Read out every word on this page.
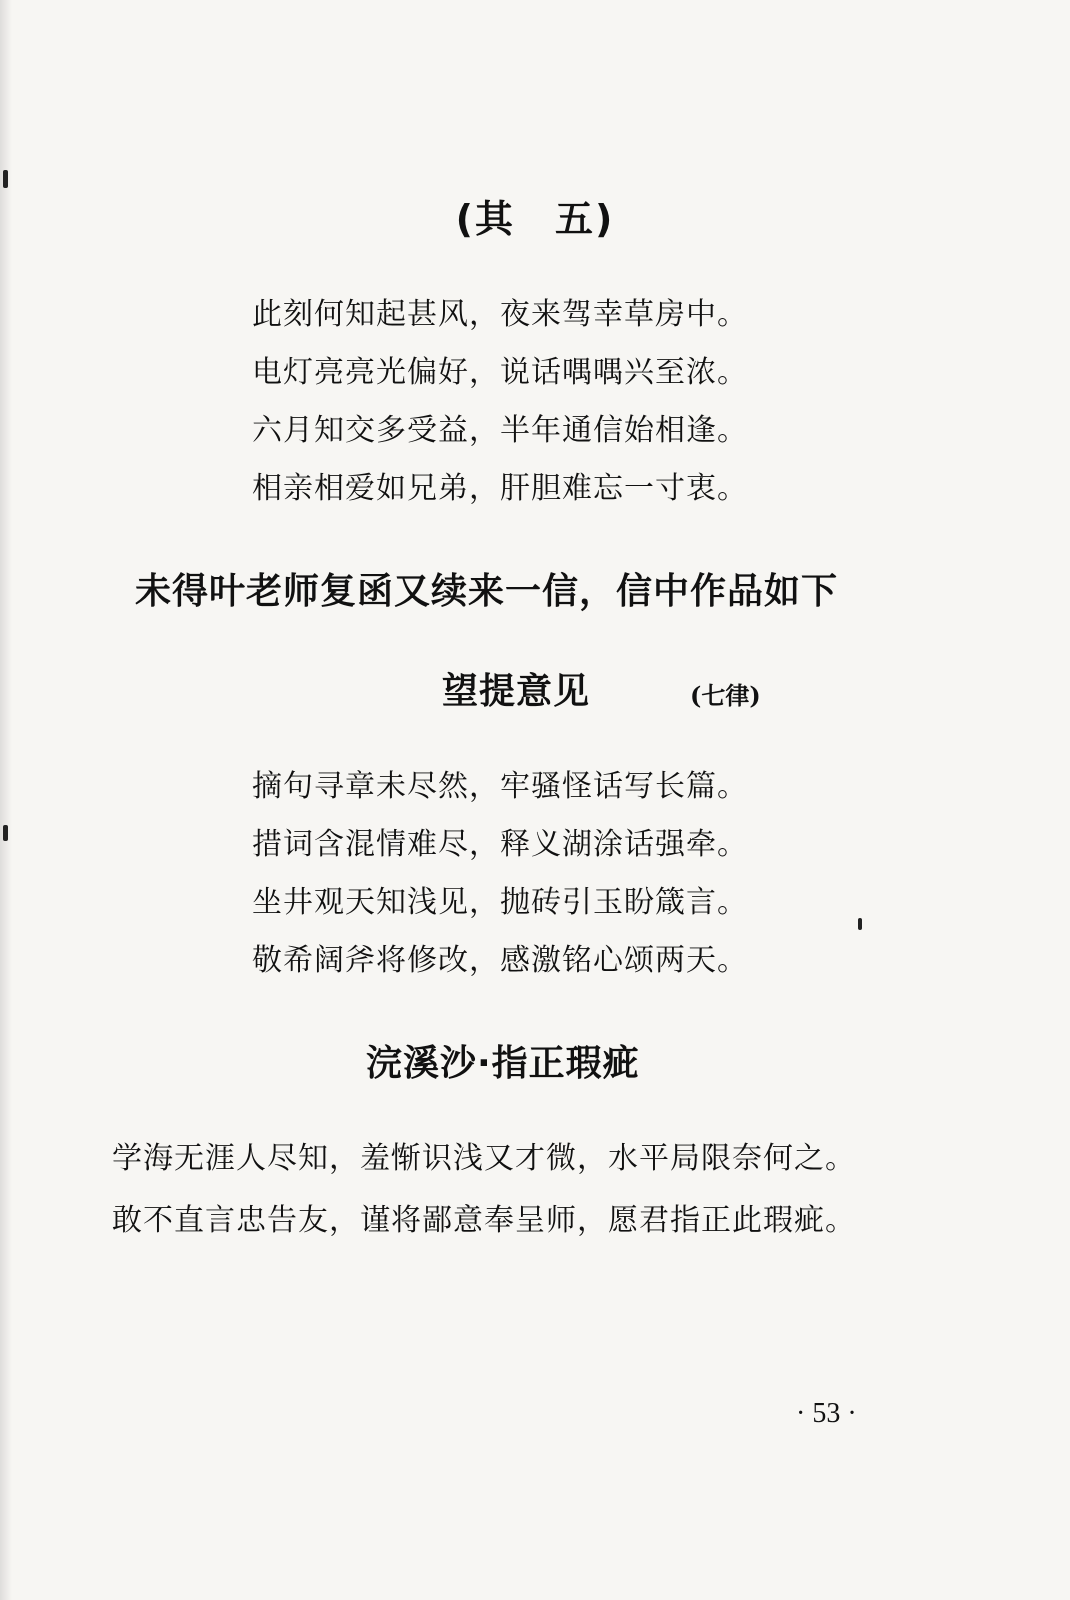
(其　五)
此刻何知起甚风，夜来驾幸草房中。
电灯亮亮光偏好，说话喁喁兴至浓。
六月知交多受益，半年通信始相逢。
相亲相爱如兄弟，肝胆难忘一寸衷。
未得叶老师复函又续来一信，信中作品如下
望提意见	(七律)
摘句寻章未尽然，牢骚怪话写长篇。
措词含混情难尽，释义湖涂话强牵。
坐井观天知浅见，抛砖引玉盼箴言。
敬希阔斧将修改，感激铭心颂两天。
浣溪沙·指正瑕疵
学海无涯人尽知，羞惭识浅又才微，水平局限奈何之。
敢不直言忠告友，谨将鄙意奉呈师，愿君指正此瑕疵。
· 53 ·
